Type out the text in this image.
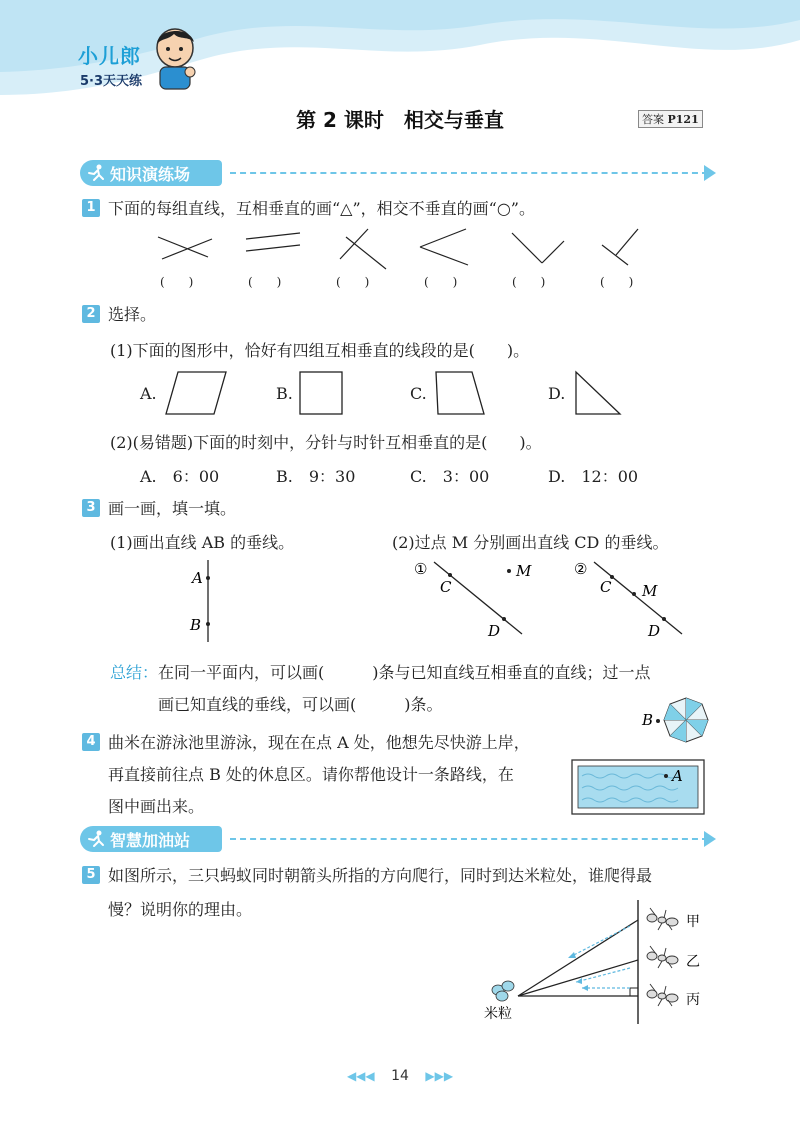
小儿郎
5·3天天练
第 2 课时　相交与垂直	答案 P121
知识演练场
1 下面的每组直线，互相垂直的画“△”，相交不垂直的画“○”。
(　　)	(　　)	(　　)	(　　)	(　　)	(　　)
2 选择。
(1)下面的图形中，恰好有四组互相垂直的线段的是(　　)。
A.	B.	C.	D.
(2)(易错题)下面的时刻中，分针与时针互相垂直的是(　　)。
A.　6：00	B.　9：30	C.　3：00	D.　12：00
3 画一画，填一填。
(1)画出直线 AB 的垂线。	(2)过点 M 分别画出直线 CD 的垂线。
A
B
①
C
D
M	②
C M
D
总结：在同一平面内，可以画(　　　)条与已知直线互相垂直的直线；过一点
画已知直线的垂线，可以画(　　　)条。
4 曲米在游泳池里游泳，现在在点 A 处，他想先尽快游上岸，
再直接前往点 B 处的休息区。请你帮他设计一条路线，在
图中画出来。
B
A
智慧加油站
5 如图所示，三只蚂蚁同时朝箭头所指的方向爬行，同时到达米粒处，谁爬得最
慢？说明你的理由。
米粒
甲
乙
丙
◀◀◀ 14 ▶▶▶
